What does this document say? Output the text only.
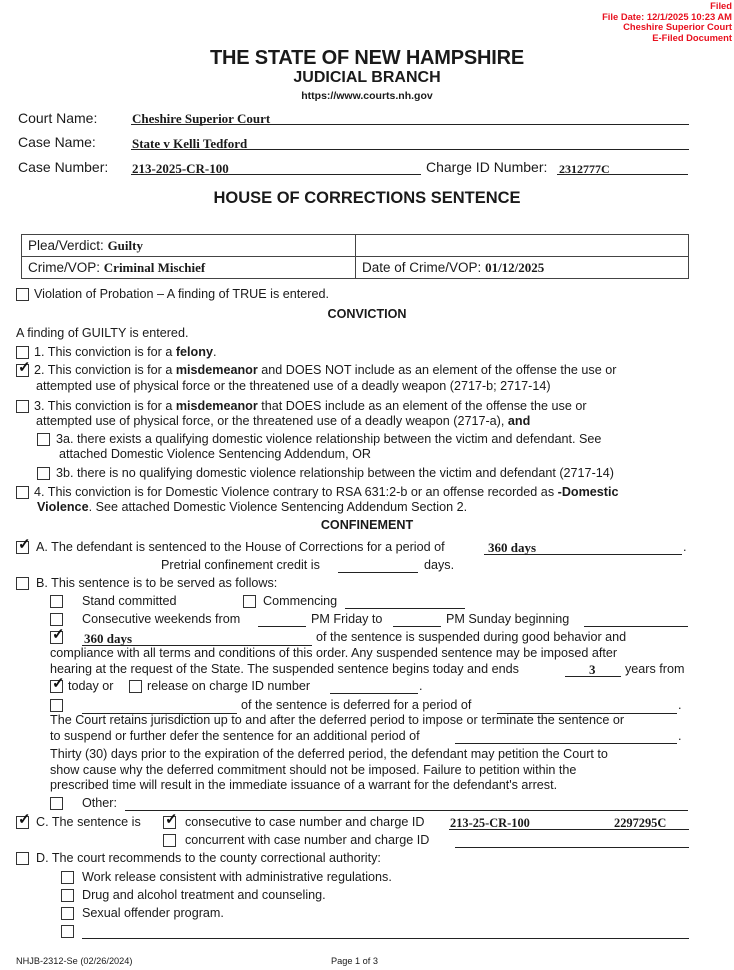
Filed
File Date: 12/1/2025 10:23 AM
Cheshire Superior Court
E-Filed Document
THE STATE OF NEW HAMPSHIRE
JUDICIAL BRANCH
https://www.courts.nh.gov
Court Name:	Cheshire Superior Court
Case Name:	State v Kelli Tedford
Case Number: 213-2025-CR-100	Charge ID Number: 2312777C
HOUSE OF CORRECTIONS SENTENCE
Plea/Verdict: Guilty	
Crime/VOP: Criminal Mischief	Date of Crime/VOP: 01/12/2025
Violation of Probation – A finding of TRUE is entered.
CONVICTION
A finding of GUILTY is entered.
1. This conviction is for a felony.
✓ 2. This conviction is for a misdemeanor and DOES NOT include as an element of the offense the use or
attempted use of physical force or the threatened use of a deadly weapon (2717-b; 2717-14)
3. This conviction is for a misdemeanor that DOES include as an element of the offense the use or
attempted use of physical force, or the threatened use of a deadly weapon (2717-a), and
3a. there exists a qualifying domestic violence relationship between the victim and defendant. See
attached Domestic Violence Sentencing Addendum, OR
3b. there is no qualifying domestic violence relationship between the victim and defendant (2717-14)
4. This conviction is for Domestic Violence contrary to RSA 631:2-b or an offense recorded as -Domestic
Violence. See attached Domestic Violence Sentencing Addendum Section 2.
CONFINEMENT
✓ A. The defendant is sentenced to the House of Corrections for a period of	360 days	.
Pretrial confinement credit is	days.
B. This sentence is to be served as follows:
Stand committed	Commencing
Consecutive weekends from	PM Friday to	PM Sunday beginning
✓ 360 days	of the sentence is suspended during good behavior and
compliance with all terms and conditions of this order. Any suspended sentence may be imposed after
hearing at the request of the State. The suspended sentence begins today and ends	3 years from
✓ today or	release on charge ID number	.
of the sentence is deferred for a period of	.
The Court retains jurisdiction up to and after the deferred period to impose or terminate the sentence or
to suspend or further defer the sentence for an additional period of	.
Thirty (30) days prior to the expiration of the deferred period, the defendant may petition the Court to
show cause why the deferred commitment should not be imposed. Failure to petition within the
prescribed time will result in the immediate issuance of a warrant for the defendant's arrest.
Other:
✓ C. The sentence is ✓ consecutive to case number and charge ID 213-25-CR-100	2297295C
concurrent with case number and charge ID
D. The court recommends to the county correctional authority:
Work release consistent with administrative regulations.
Drug and alcohol treatment and counseling.
Sexual offender program.
NHJB-2312-Se (02/26/2024)	Page 1 of 3
